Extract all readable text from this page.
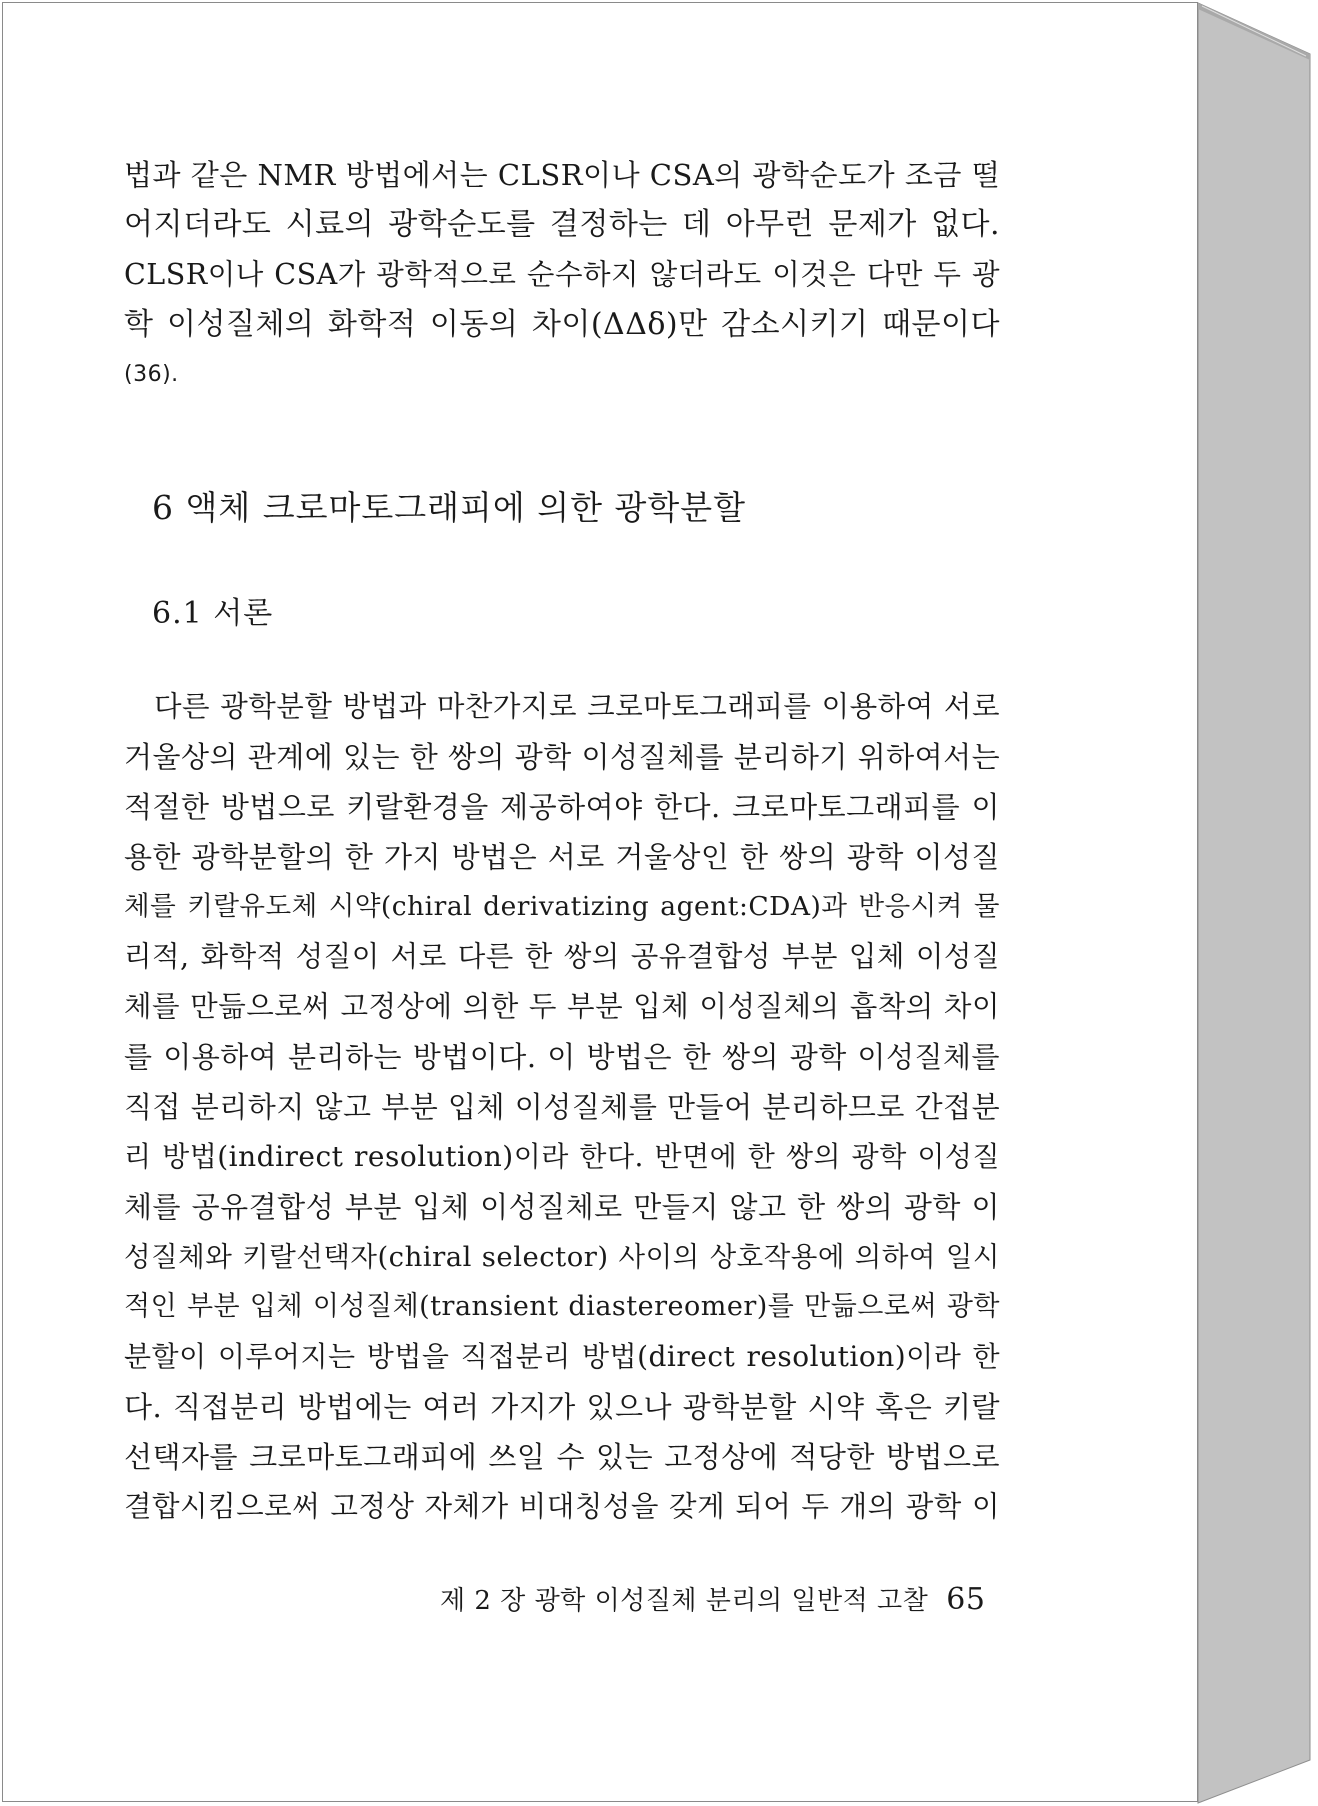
법과 같은 NMR 방법에서는 CLSR이나 CSA의 광학순도가 조금 떨
어지더라도 시료의 광학순도를 결정하는 데 아무런 문제가 없다.
CLSR이나 CSA가 광학적으로 순수하지 않더라도 이것은 다만 두 광
학 이성질체의 화학적 이동의 차이(ΔΔδ)만 감소시키기 때문이다
(36).
6 액체 크로마토그래피에 의한 광학분할
6.1 서론
다른 광학분할 방법과 마찬가지로 크로마토그래피를 이용하여 서로
거울상의 관계에 있는 한 쌍의 광학 이성질체를 분리하기 위하여서는
적절한 방법으로 키랄환경을 제공하여야 한다. 크로마토그래피를 이
용한 광학분할의 한 가지 방법은 서로 거울상인 한 쌍의 광학 이성질
체를 키랄유도체 시약(chiral derivatizing agent:CDA)과 반응시켜 물
리적, 화학적 성질이 서로 다른 한 쌍의 공유결합성 부분 입체 이성질
체를 만듦으로써 고정상에 의한 두 부분 입체 이성질체의 흡착의 차이
를 이용하여 분리하는 방법이다. 이 방법은 한 쌍의 광학 이성질체를
직접 분리하지 않고 부분 입체 이성질체를 만들어 분리하므로 간접분
리 방법(indirect resolution)이라 한다. 반면에 한 쌍의 광학 이성질
체를 공유결합성 부분 입체 이성질체로 만들지 않고 한 쌍의 광학 이
성질체와 키랄선택자(chiral selector) 사이의 상호작용에 의하여 일시
적인 부분 입체 이성질체(transient diastereomer)를 만듦으로써 광학
분할이 이루어지는 방법을 직접분리 방법(direct resolution)이라 한
다. 직접분리 방법에는 여러 가지가 있으나 광학분할 시약 혹은 키랄
선택자를 크로마토그래피에 쓰일 수 있는 고정상에 적당한 방법으로
결합시킴으로써 고정상 자체가 비대칭성을 갖게 되어 두 개의 광학 이
제 2 장 광학 이성질체 분리의 일반적 고찰 65
